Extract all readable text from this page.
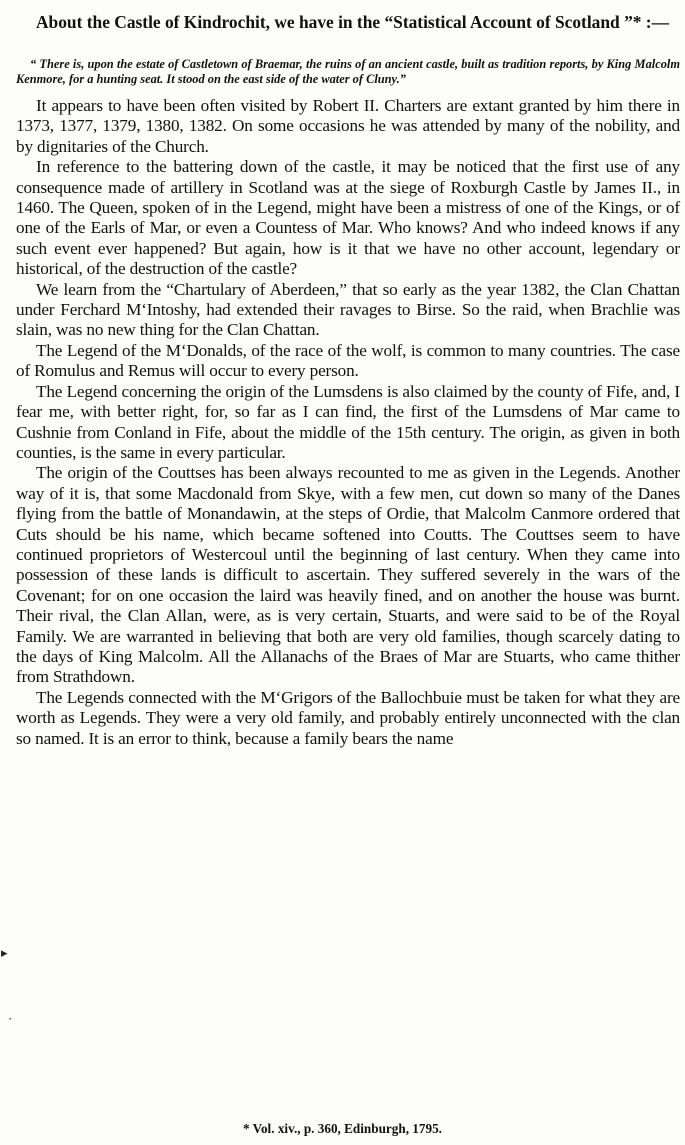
About the Castle of Kindrochit, we have in the “Statistical Account of Scotland ”* :—

“ There is, upon the estate of Castletown of Braemar, the ruins of an ancient castle, built as tradition reports, by King Malcolm Kenmore, for a hunting seat. It stood on the east side of the water of Cluny.”

It appears to have been often visited by Robert II. Charters are extant granted by him there in 1373, 1377, 1379, 1380, 1382. On some occasions he was attended by many of the nobility, and by dignitaries of the Church.

In reference to the battering down of the castle, it may be noticed that the first use of any consequence made of artillery in Scotland was at the siege of Roxburgh Castle by James II., in 1460. The Queen, spoken of in the Legend, might have been a mistress of one of the Kings, or of one of the Earls of Mar, or even a Countess of Mar. Who knows? And who indeed knows if any such event ever happened? But again, how is it that we have no other account, legendary or historical, of the destruction of the castle?

We learn from the “Chartulary of Aberdeen,” that so early as the year 1382, the Clan Chattan under Ferchard M‘Intoshy, had extended their ravages to Birse. So the raid, when Brachlie was slain, was no new thing for the Clan Chattan.

The Legend of the M‘Donalds, of the race of the wolf, is common to many countries. The case of Romulus and Remus will occur to every person.

The Legend concerning the origin of the Lumsdens is also claimed by the county of Fife, and, I fear me, with better right, for, so far as I can find, the first of the Lumsdens of Mar came to Cushnie from Conland in Fife, about the middle of the 15th century. The origin, as given in both counties, is the same in every particular.

The origin of the Couttses has been always recounted to me as given in the Legends. Another way of it is, that some Macdonald from Skye, with a few men, cut down so many of the Danes flying from the battle of Monandawin, at the steps of Ordie, that Malcolm Canmore ordered that Cuts should be his name, which became softened into Coutts. The Couttses seem to have continued proprietors of Westercoul until the beginning of last century. When they came into possession of these lands is difficult to ascertain. They suffered severely in the wars of the Covenant; for on one occasion the laird was heavily fined, and on another the house was burnt. Their rival, the Clan Allan, were, as is very certain, Stuarts, and were said to be of the Royal Family. We are warranted in believing that both are very old families, though scarcely dating to the days of King Malcolm. All the Allanachs of the Braes of Mar are Stuarts, who came thither from Strathdown.

The Legends connected with the M‘Grigors of the Ballochbuie must be taken for what they are worth as Legends. They were a very old family, and probably entirely unconnected with the clan so named. It is an error to think, because a family bears the name

▸
·
* Vol. xiv., p. 360, Edinburgh, 1795.
